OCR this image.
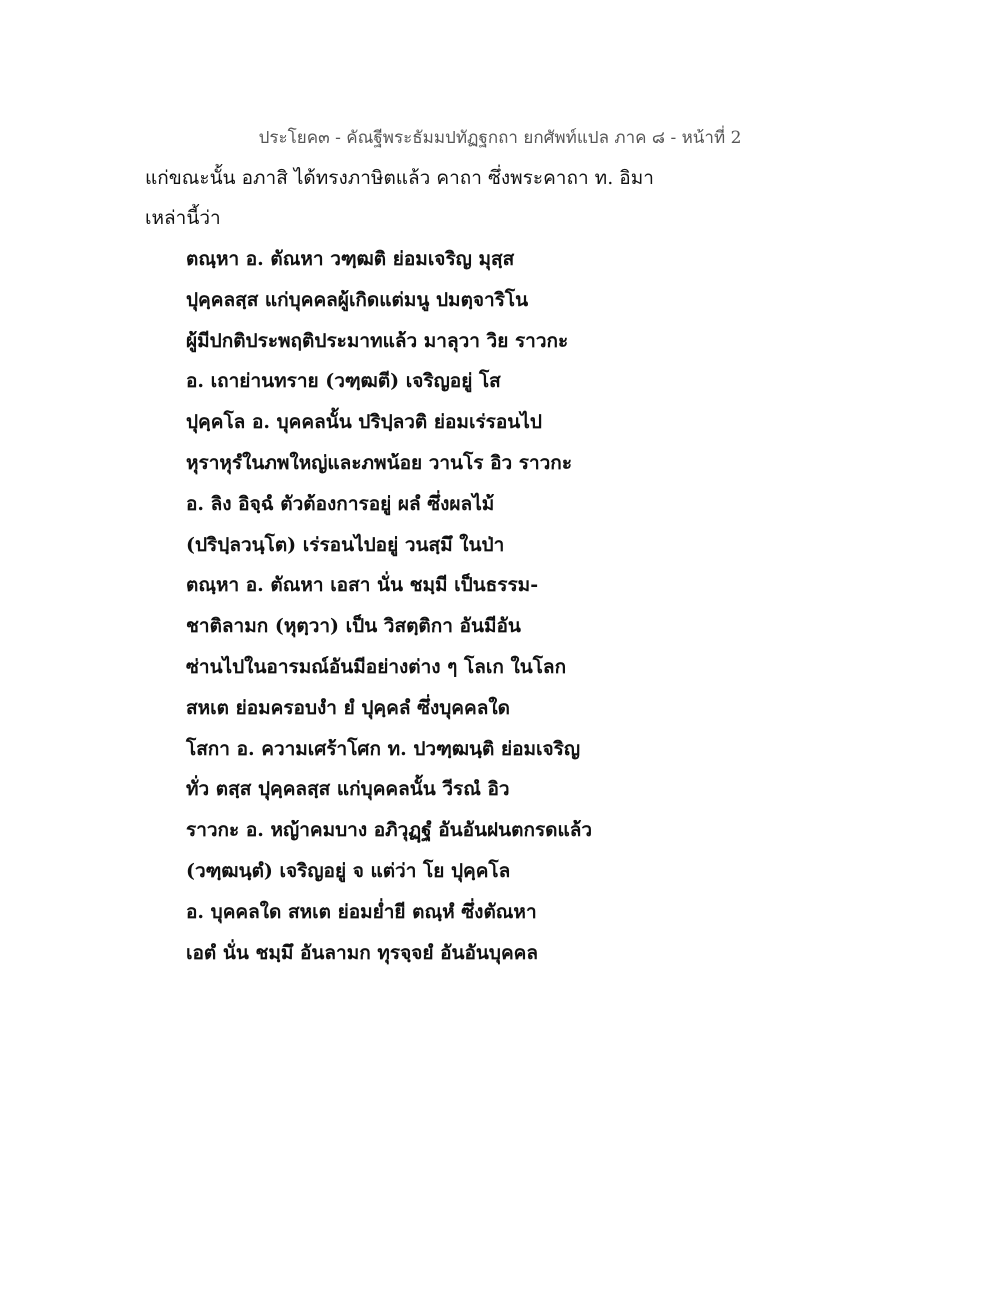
ประโยค๓ - คัณฐีพระธัมมปทัฏฐกถา ยกศัพท์แปล ภาค ๘ - หน้าที่ 2
แก่ขณะนั้น อภาสิ ได้ทรงภาษิตแล้ว คาถา ซึ่งพระคาถา ท. อิมา
เหล่านี้ว่า
ตณฺหา อ. ตัณหา วฑฺฒติ ย่อมเจริญ มุสฺส
ปุคฺคลสฺส แก่บุคคลผู้เกิดแต่มนู ปมตฺจาริโน
ผู้มีปกติประพฤติประมาทแล้ว มาลุวา วิย ราวกะ
อ. เถาย่านทราย (วฑฺฒตี) เจริญอยู่ โส
ปุคฺคโล อ. บุคคลนั้น ปริปฺลวติ ย่อมเร่รอนไป
หุราหุรํในภพใหญ่และภพน้อย วานโร อิว ราวกะ
อ. ลิง อิจฺฉํ ตัวต้องการอยู่ ผลํ ซึ่งผลไม้
(ปริปฺลวนฺโต) เร่รอนไปอยู่ วนสฺมึ ในป่า
ตณฺหา อ. ตัณหา เอสา นั่น ชมฺมี เป็นธรรม-
ชาติลามก (หุตฺวา) เป็น วิสตฺติกา อันมีอัน
ซ่านไปในอารมณ์อันมีอย่างต่าง ๆ โลเก ในโลก
สหเต ย่อมครอบงำ ยํ ปุคฺคลํ ซึ่งบุคคลใด
โสกา อ. ความเศร้าโศก ท. ปวฑฺฒนฺติ ย่อมเจริญ
ทั่ว ตสฺส ปุคฺคลสฺส แก่บุคคลนั้น วีรณํ อิว
ราวกะ อ. หญ้าคมบาง อภิวุฏฺฐํ อันอันฝนตกรดแล้ว
(วฑฺฒนฺตํ) เจริญอยู่ จ แต่ว่า โย ปุคฺคโล
อ. บุคคลใด สหเต ย่อมย่ำยี ตณฺหํ ซึ่งตัณหา
เอตํ นั่น ชมฺมึ อันลามก ทุรจฺจยํ อันอันบุคคล
